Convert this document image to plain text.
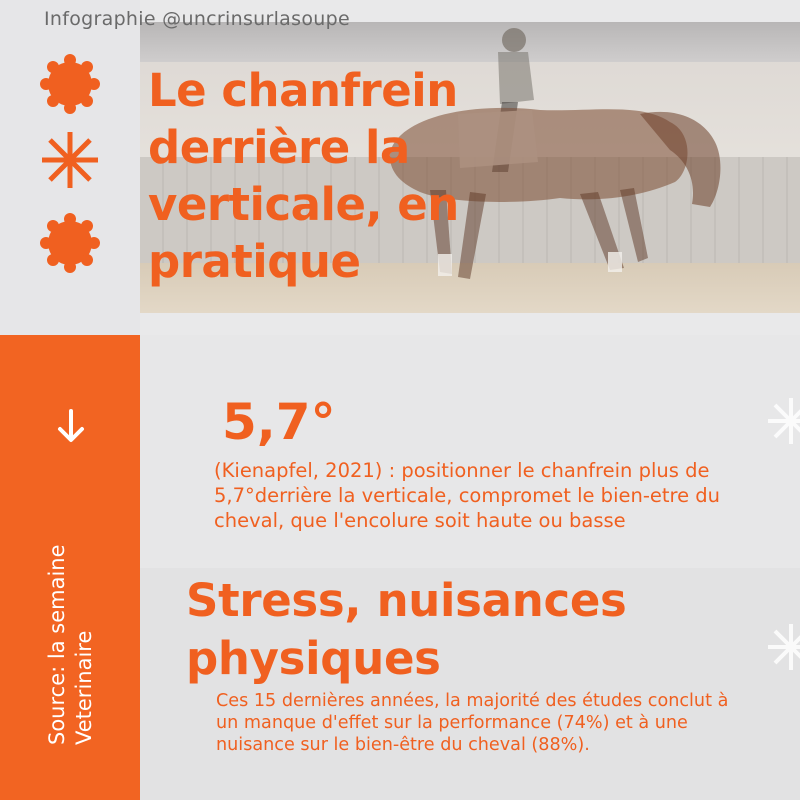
Infographie @uncrinsurlasoupe
Le chanfrein derrière la verticale, en pratique
5,7°

(Kienapfel, 2021) : positionner le chanfrein plus de 5,7°derrière la verticale, compromet le bien-etre du cheval, que l'encolure soit haute ou basse

Stress, nuisances physiques

Ces 15 dernières années, la majorité des études conclut à un manque d'effet sur la performance (74%) et à une nuisance sur le bien-être du cheval (88%).

Source: la semaine Veterinaire
